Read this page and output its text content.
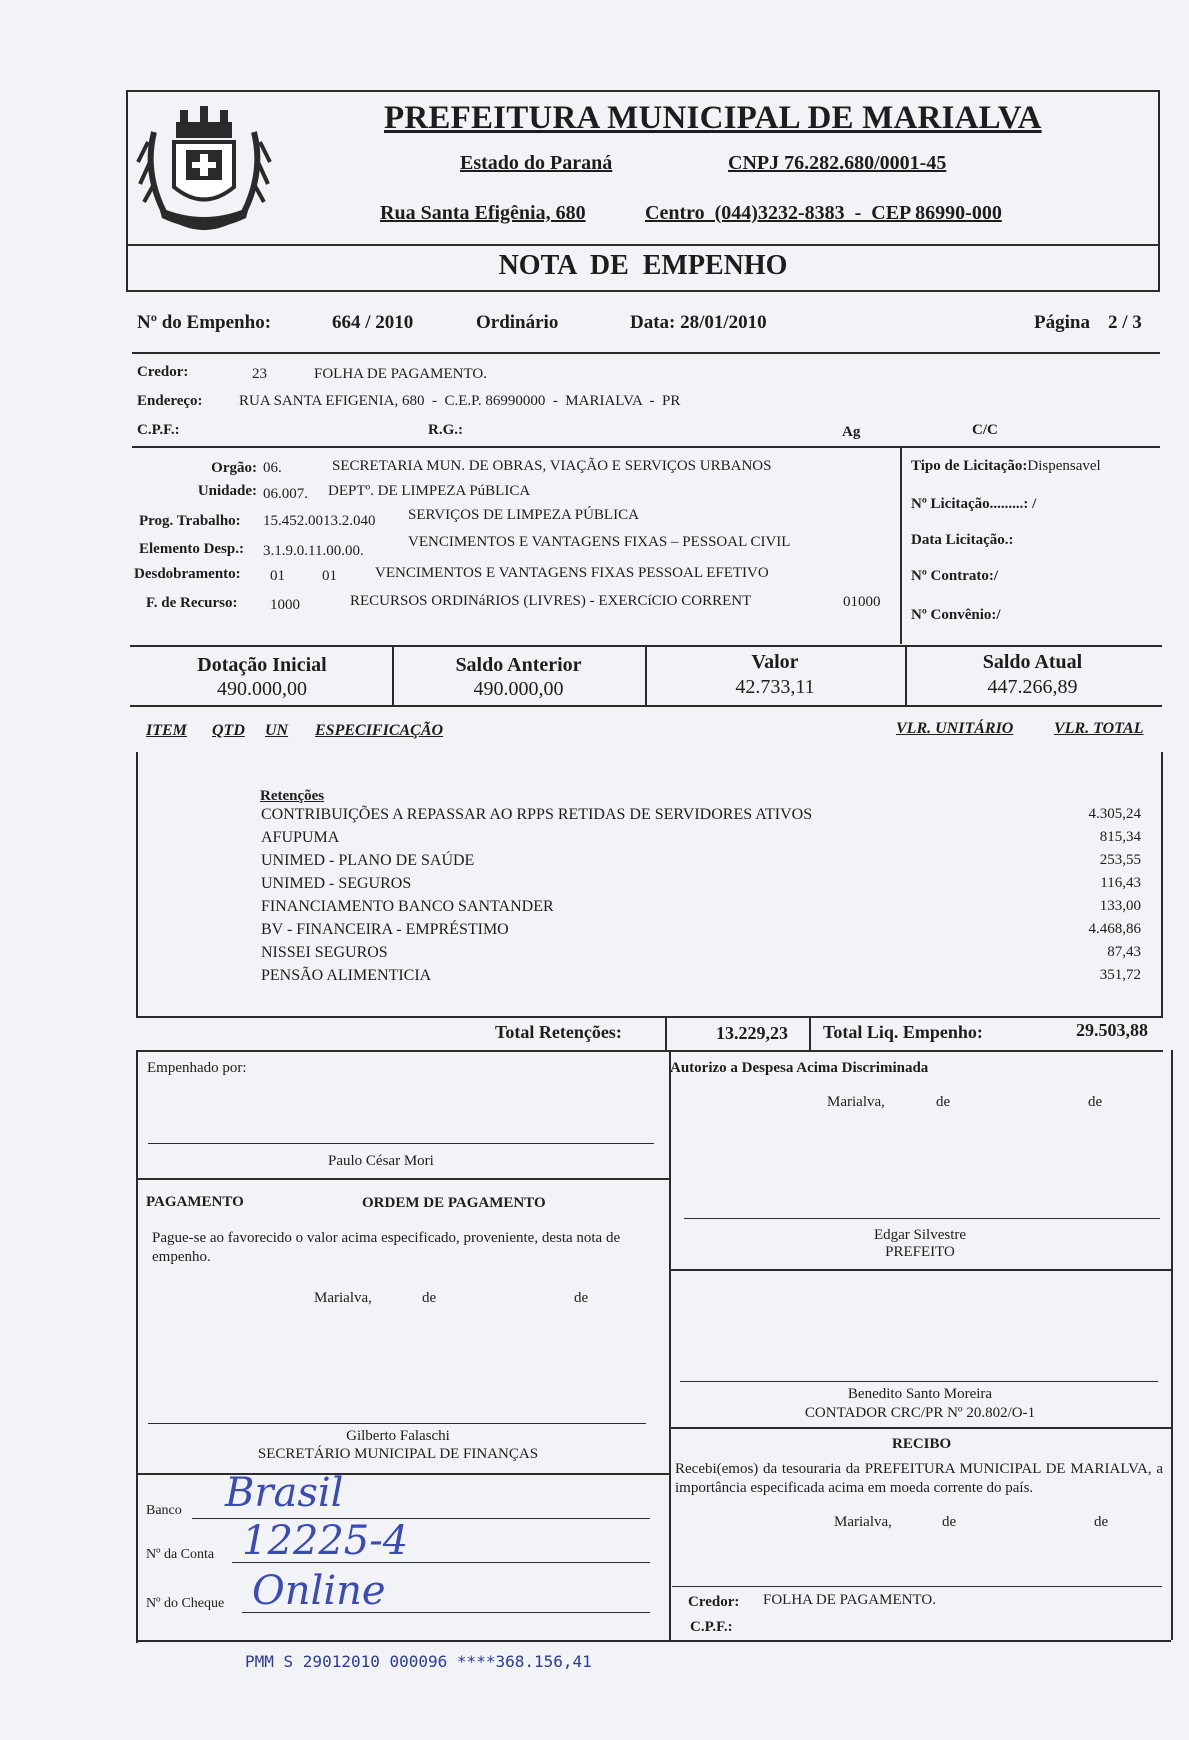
PREFEITURA MUNICIPAL DE MARIALVA
Estado do Paraná	CNPJ 76.282.680/0001-45
Rua Santa Efigênia, 680	Centro  (044)3232-8383  -  CEP 86990-000
NOTA  DE  EMPENHO
Nº do Empenho:	664 / 2010	Ordinário	Data: 28/01/2010	Página 2 / 3
Credor:	23	FOLHA DE PAGAMENTO.
Endereço: RUA SANTA EFIGENIA, 680  -  C.E.P. 86990000  -  MARIALVA  -  PR
C.P.F.:	R.G.:	Ag	C/C
Orgão: 06.	SECRETARIA MUN. DE OBRAS, VIAÇÃO E SERVIÇOS URBANOS
Unidade: 06.007. DEPTº. DE LIMPEZA PúBLICA
Prog. Trabalho: 15.452.0013.2.040 SERVIÇOS DE LIMPEZA PÚBLICA
Elemento Desp.: 3.1.9.0.11.00.00.
VENCIMENTOS E VANTAGENS FIXAS – PESSOAL CIVIL
Desdobramento: 01 01	VENCIMENTOS E VANTAGENS FIXAS PESSOAL EFETIVO
F. de Recurso: 1000	RECURSOS ORDINáRIOS (LIVRES) - EXERCíCIO CORRENT	01000
Tipo de Licitação:Dispensavel
Nº Licitação.........: /
Data Licitação.:
Nº Contrato:/
Nº Convênio:/
Dotação Inicial
490.000,00
Saldo Anterior
490.000,00
Valor
42.733,11
Saldo Atual
447.266,89
ITEM QTD UN ESPECIFICAÇÃO	VLR. UNITÁRIO	VLR. TOTAL
Retenções
CONTRIBUIÇÕES A REPASSAR AO RPPS RETIDAS DE SERVIDORES ATIVOS	4.305,24
AFUPUMA	815,34
UNIMED - PLANO DE SAÚDE	253,55
UNIMED - SEGUROS	116,43
FINANCIAMENTO BANCO SANTANDER	133,00
BV - FINANCEIRA - EMPRÉSTIMO	4.468,86
NISSEI SEGUROS	87,43
PENSÃO ALIMENTICIA	351,72
Total Retenções:	13.229,23 Total Liq. Empenho:	29.503,88
Empenhado por:
Paulo César Mori
Autorizo a Despesa Acima Discriminada
Marialva,	de	de
Edgar Silvestre
PREFEITO
PAGAMENTO	ORDEM DE PAGAMENTO
Pague-se ao favorecido o valor acima especificado, proveniente, desta nota de empenho.
Marialva,	de	de
Benedito Santo Moreira
CONTADOR CRC/PR Nº 20.802/O-1
Gilberto Falaschi
SECRETÁRIO MUNICIPAL DE FINANÇAS
Banco Brasil
Nº da Conta 12225-4
Nº do Cheque Online
RECIBO
Recebi(emos) da tesouraria da PREFEITURA MUNICIPAL DE MARIALVA, a importância especificada acima em moeda corrente do país.
Marialva,	de	de
Credor: FOLHA DE PAGAMENTO.
C.P.F.:
PMM S 29012010 000096 ****368.156,41
